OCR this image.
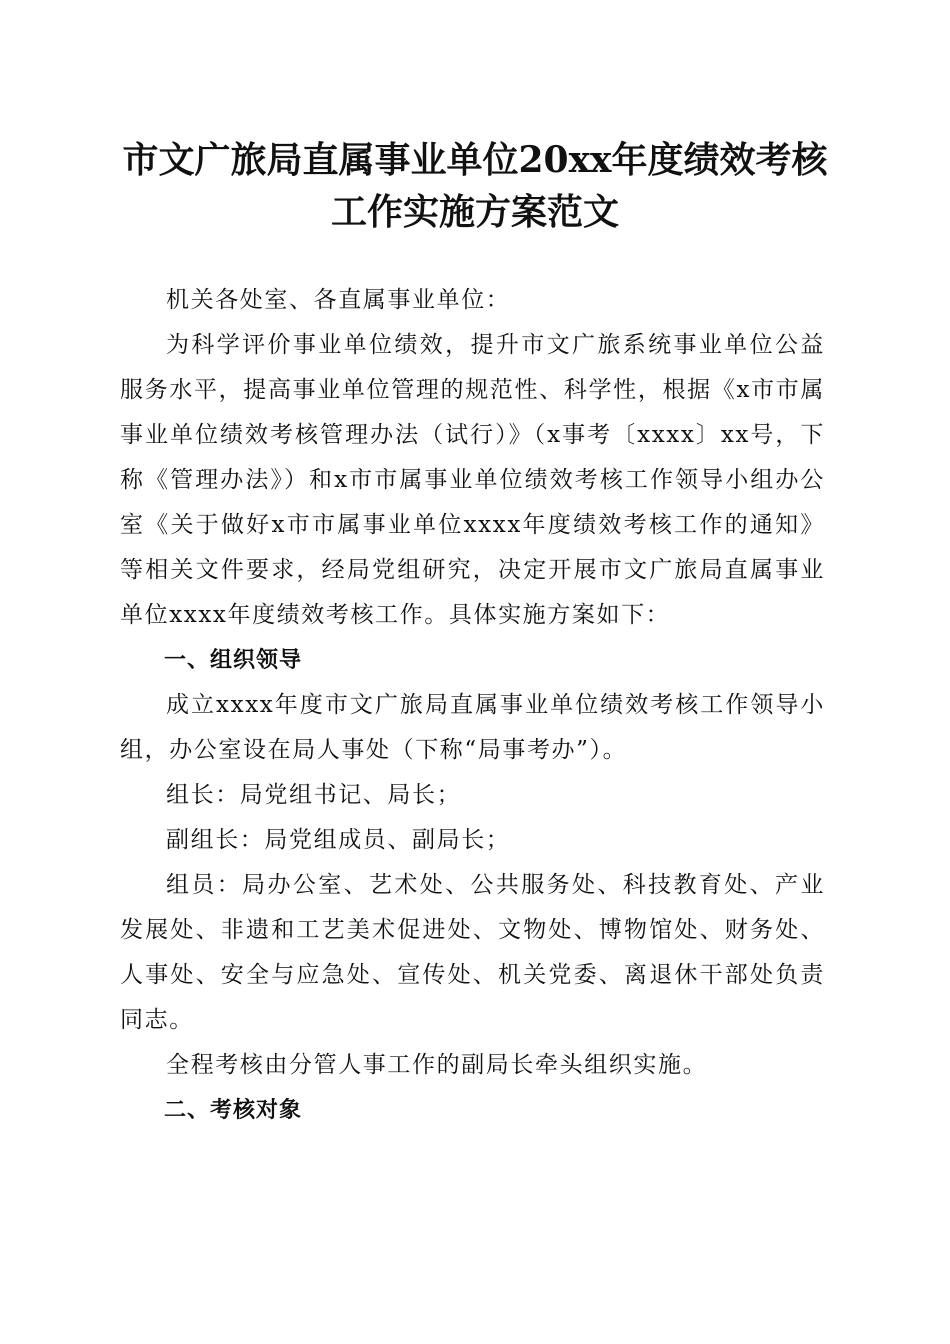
市文广旅局直属事业单位20xx年度绩效考核
工作实施方案范文

机关各处室、各直属事业单位：

为科学评价事业单位绩效，提升市文广旅系统事业单位公益服务水平，提高事业单位管理的规范性、科学性，根据《x市市属事业单位绩效考核管理办法（试行）》（x事考〔xxxx〕xx号，下称《管理办法》）和x市市属事业单位绩效考核工作领导小组办公室《关于做好x市市属事业单位xxxx年度绩效考核工作的通知》等相关文件要求，经局党组研究，决定开展市文广旅局直属事业单位xxxx年度绩效考核工作。具体实施方案如下：

一、组织领导

成立xxxx年度市文广旅局直属事业单位绩效考核工作领导小组，办公室设在局人事处（下称“局事考办”）。

组长：局党组书记、局长；

副组长：局党组成员、副局长；

组员：局办公室、艺术处、公共服务处、科技教育处、产业发展处、非遗和工艺美术促进处、文物处、博物馆处、财务处、人事处、安全与应急处、宣传处、机关党委、离退休干部处负责同志。

全程考核由分管人事工作的副局长牵头组织实施。

二、考核对象
